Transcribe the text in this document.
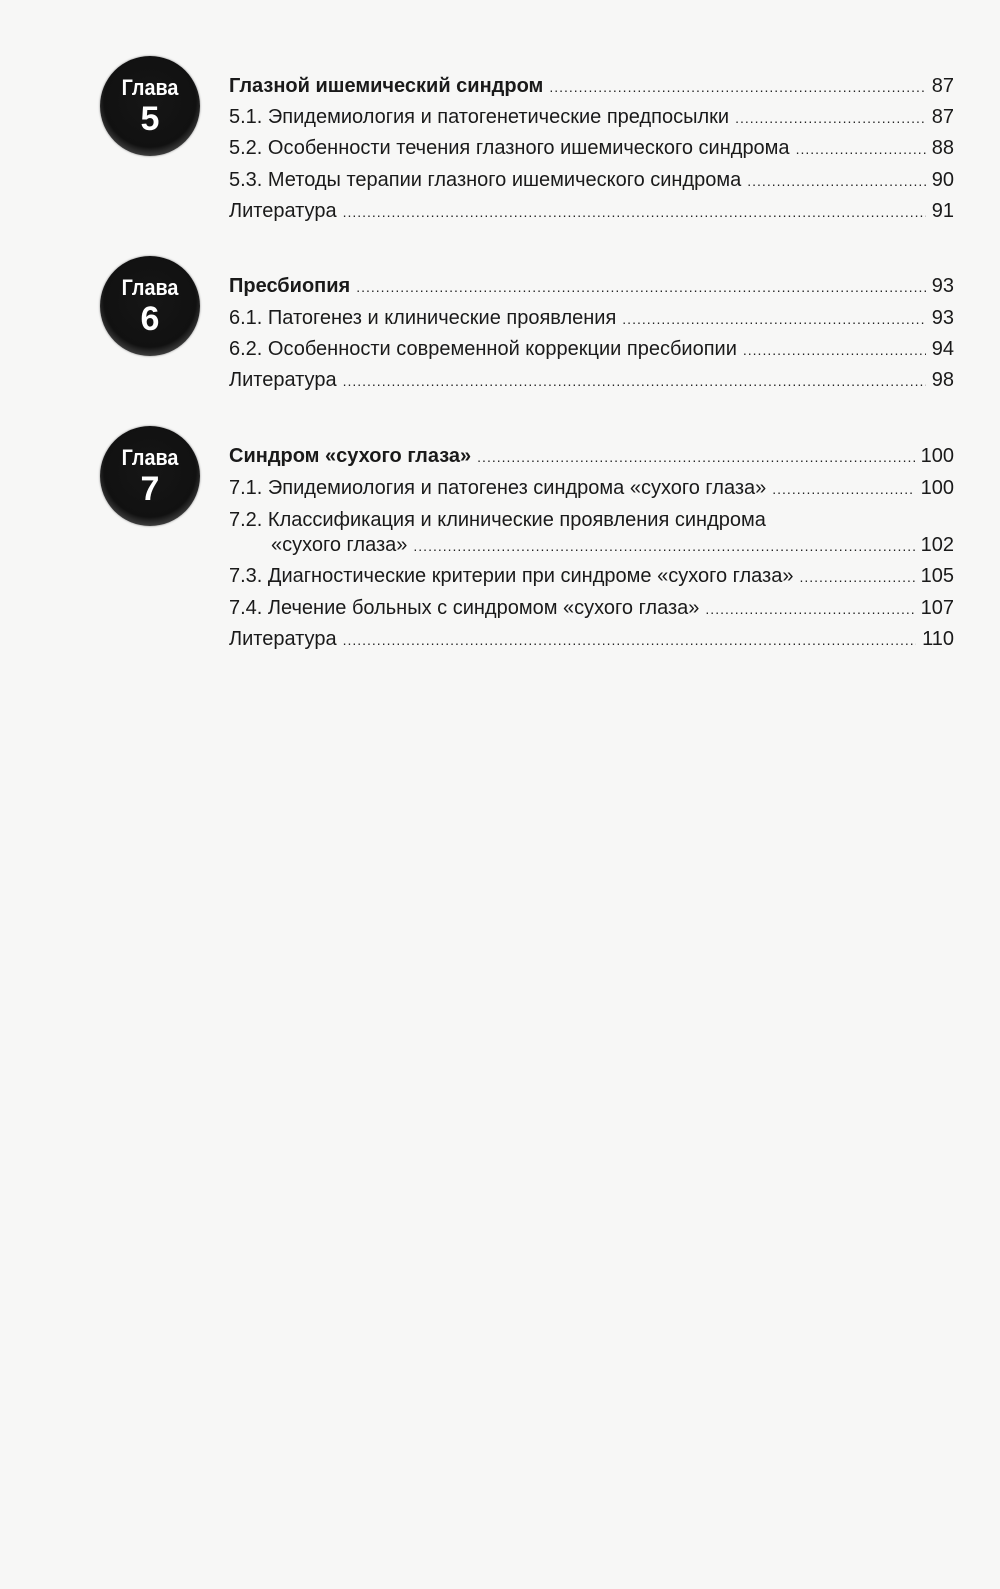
Глава
5
Глазной ишемический синдром .....	87
5.1. Эпидемиология и патогенетические предпосылки .....	87
5.2. Особенности течения глазного ишемического синдрома .....	88
5.3. Методы терапии глазного ишемического синдрома .....	90
Литература .....	91
Глава
6
Пресбиопия .....	93
6.1. Патогенез и клинические проявления .....	93
6.2. Особенности современной коррекции пресбиопии .....	94
Литература .....	98
Глава
7
Синдром «сухого глаза» .....	100
7.1. Эпидемиология и патогенез синдрома «сухого глаза» .....	100
7.2. Классификация и клинические проявления синдрома
«сухого глаза» .....	102
7.3. Диагностические критерии при синдроме «сухого глаза» .....	105
7.4. Лечение больных с синдромом «сухого глаза» .....	107
Литература .....	110
